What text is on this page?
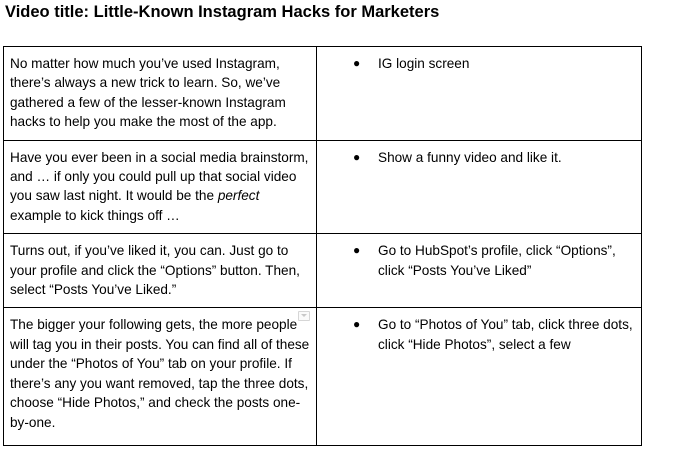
Video title: Little-Known Instagram Hacks for Marketers
No matter how much you’ve used Instagram, there’s always a new trick to learn. So, we’ve gathered a few of the lesser-known Instagram hacks to help you make the most of the app.	● IG login screen

Have you ever been in a social media brainstorm, and … if only you could pull up that social video you saw last night. It would be the perfect example to kick things off …	● Show a funny video and like it.

Turns out, if you’ve liked it, you can. Just go to your profile and click the “Options” button. Then, select “Posts You’ve Liked.”	● Go to HubSpot’s profile, click “Options”, click “Posts You’ve Liked”

The bigger your following gets, the more people will tag you in their posts. You can find all of these under the “Photos of You” tab on your profile. If there’s any you want removed, tap the three dots, choose “Hide Photos,” and check the posts one-by-one.	● Go to “Photos of You” tab, click three dots, click “Hide Photos”, select a few
